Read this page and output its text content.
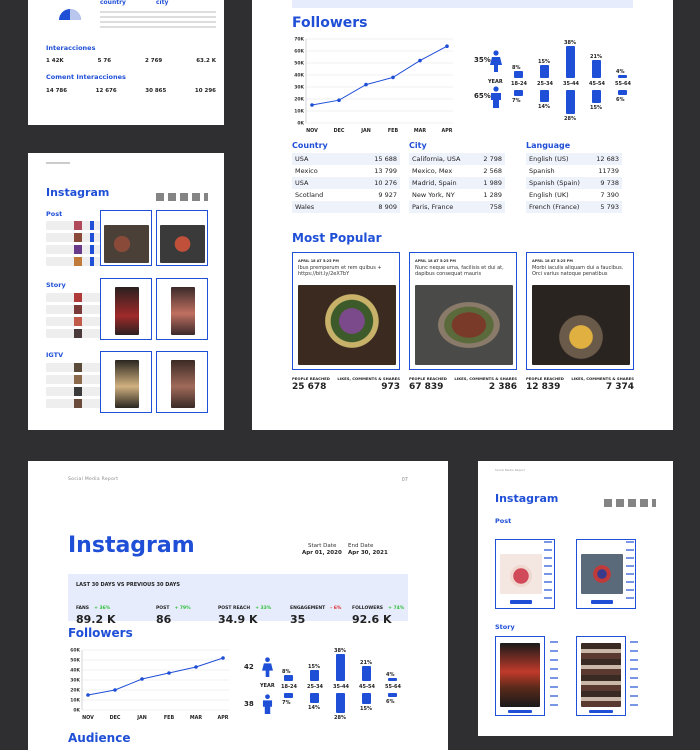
country	city
Interacciones
1 42K	5 76	2 769	63.2 K
Coment Interacciones
14 786	12 676	30 865	10 296
Followers
70K
60K
50K
40K
30K
20K
10K
0K
NOV	DEC	JAN	FEB	MAR	APR
35%
65%
YEAR
8%
7%
18-24
15%
14%
25-34
38%
28%
35-44
21%
15%
45-54
4%
6%
55-64
Country	City	Language
USA	15 688
Mexico	13 799
USA	10 276
Scotland	9 927
Wales	8 909
California, USA	2 798
Mexico, Mex	2 568
Madrid, Spain	1 989
New York, NY	1 289
Paris, France	758
English (US)	12 683
Spanish	11739
Spanish (Spain)	9 738
English (UK)	7 390
French (France)	5 793
Most Popular
APRIL 18 AT 5:25 PM
Ibus premperum et rem quibus + https://bit.ly/2eX7bY
APRIL 18 AT 5:25 PM
Nunc neque urna, facilisis et dui at, dapibus consequat mauris
APRIL 18 AT 5:25 PM
Morbi iaculis aliquam dui a faucibus. Orci varius natoque penatibus
PEOPLE REACHED LIKES, COMMENTS & SHARES
25 678	973
PEOPLE REACHED LIKES, COMMENTS & SHARES
67 839	2 386
PEOPLE REACHED LIKES, COMMENTS & SHARES
12 839	7 374
Instagram
Post
Story
IGTV
Social Media Report	07
Instagram	Start Date
Apr 01, 2020
End Date
Apr 30, 2021
LAST 30 DAYS VS PREVIOUS 30 DAYS
FANS + 36%
89.2 K
POST + 79%
86
POST REACH + 33%
34.9 K
ENGAGEMENT - 6%
35
FOLLOWERS + 74%
92.6 K
Followers
60K
50K
40K
30K
20K
10K
0K
NOV	DEC	JAN	FEB	MAR	APR
42
38
YEAR
8%
7%
18-24
15%
14%
25-34
38%
28%
35-44
21%
15%
45-54
4%
6%
55-64
Audience
Social Media Report
Instagram
Post
Story
